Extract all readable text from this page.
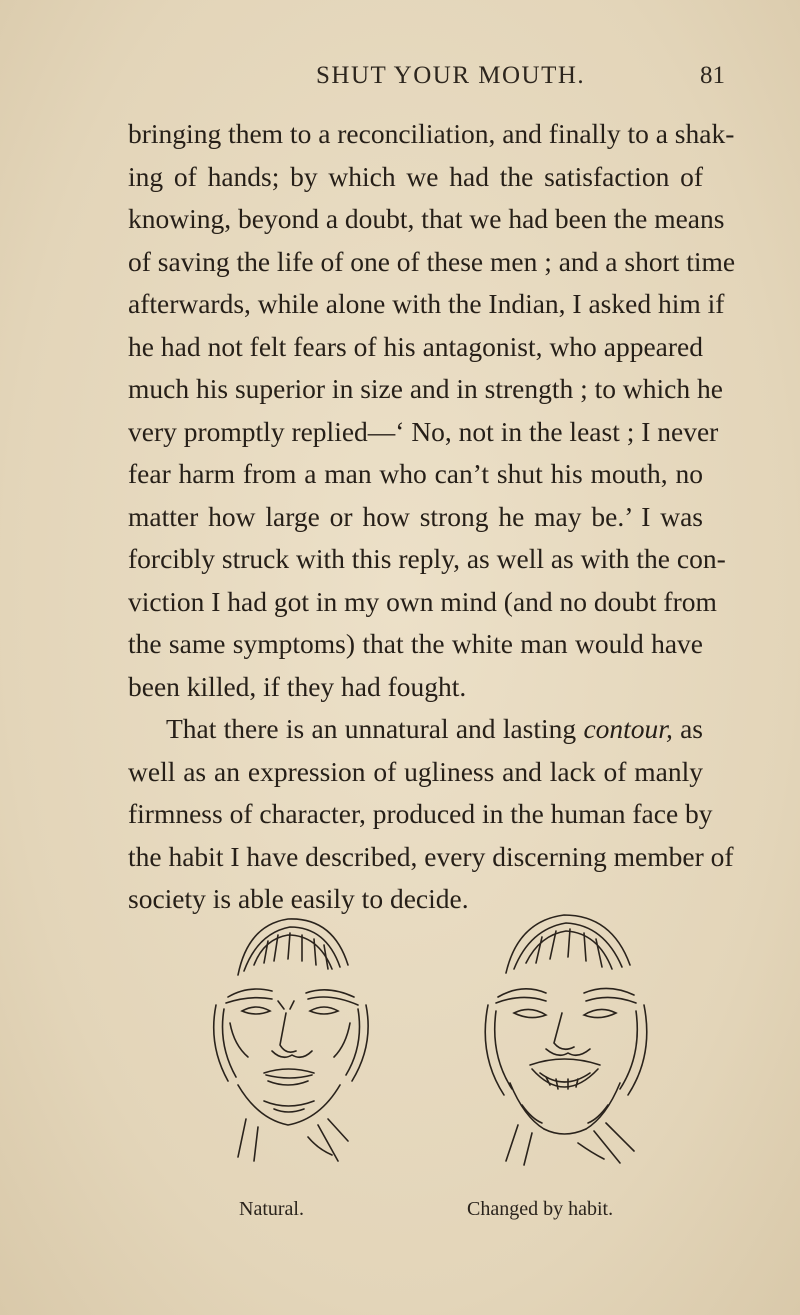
SHUT YOUR MOUTH.	81

bringing them to a reconciliation, and finally to a shak-
ing of hands; by which we had the satisfaction of
knowing, beyond a doubt, that we had been the means
of saving the life of one of these men ; and a short time
afterwards, while alone with the Indian, I asked him if
he had not felt fears of his antagonist, who appeared
much his superior in size and in strength ; to which he
very promptly replied—‘ No, not in the least ; I never
fear harm from a man who can’t shut his mouth, no
matter how large or how strong he may be.’ I was
forcibly struck with this reply, as well as with the con-
viction I had got in my own mind (and no doubt from
the same symptoms) that the white man would have
been killed, if they had fought.

That there is an unnatural and lasting contour, as
well as an expression of ugliness and lack of manly
firmness of character, produced in the human face by
the habit I have described, every discerning member of
society is able easily to decide.

Natural.	Changed by habit.
